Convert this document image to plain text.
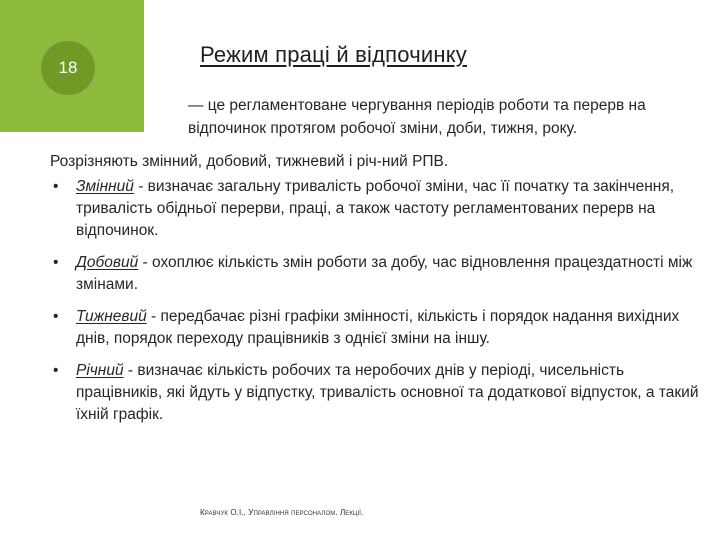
18
Режим праці й відпочинку
— це регламентоване чергування періодів роботи та перерв на відпочинок протягом робочої зміни, доби, тижня, року.
Розрізняють змінний, добовий, тижневий і річ-ний РПВ.
• Змінний - визначає загальну тривалість робочої зміни, час її початку та закінчення, тривалість обідньої перерви, праці, а також частоту регламентованих перерв на відпочинок.
• Добовий - охоплює кількість змін роботи за добу, час відновлення працездатності між змінами.
• Тижневий - передбачає різні графіки змінності, кількість і порядок надання вихідних днів, порядок переходу працівників з однієї зміни на іншу.
• Річний - визначає кількість робочих та неробочих днів у періоді, чисельність працівників, які йдуть у відпустку, тривалість основної та додаткової відпусток, а такий їхній графік.
Кравчук О.І., Управління персоналом. Лекції.
